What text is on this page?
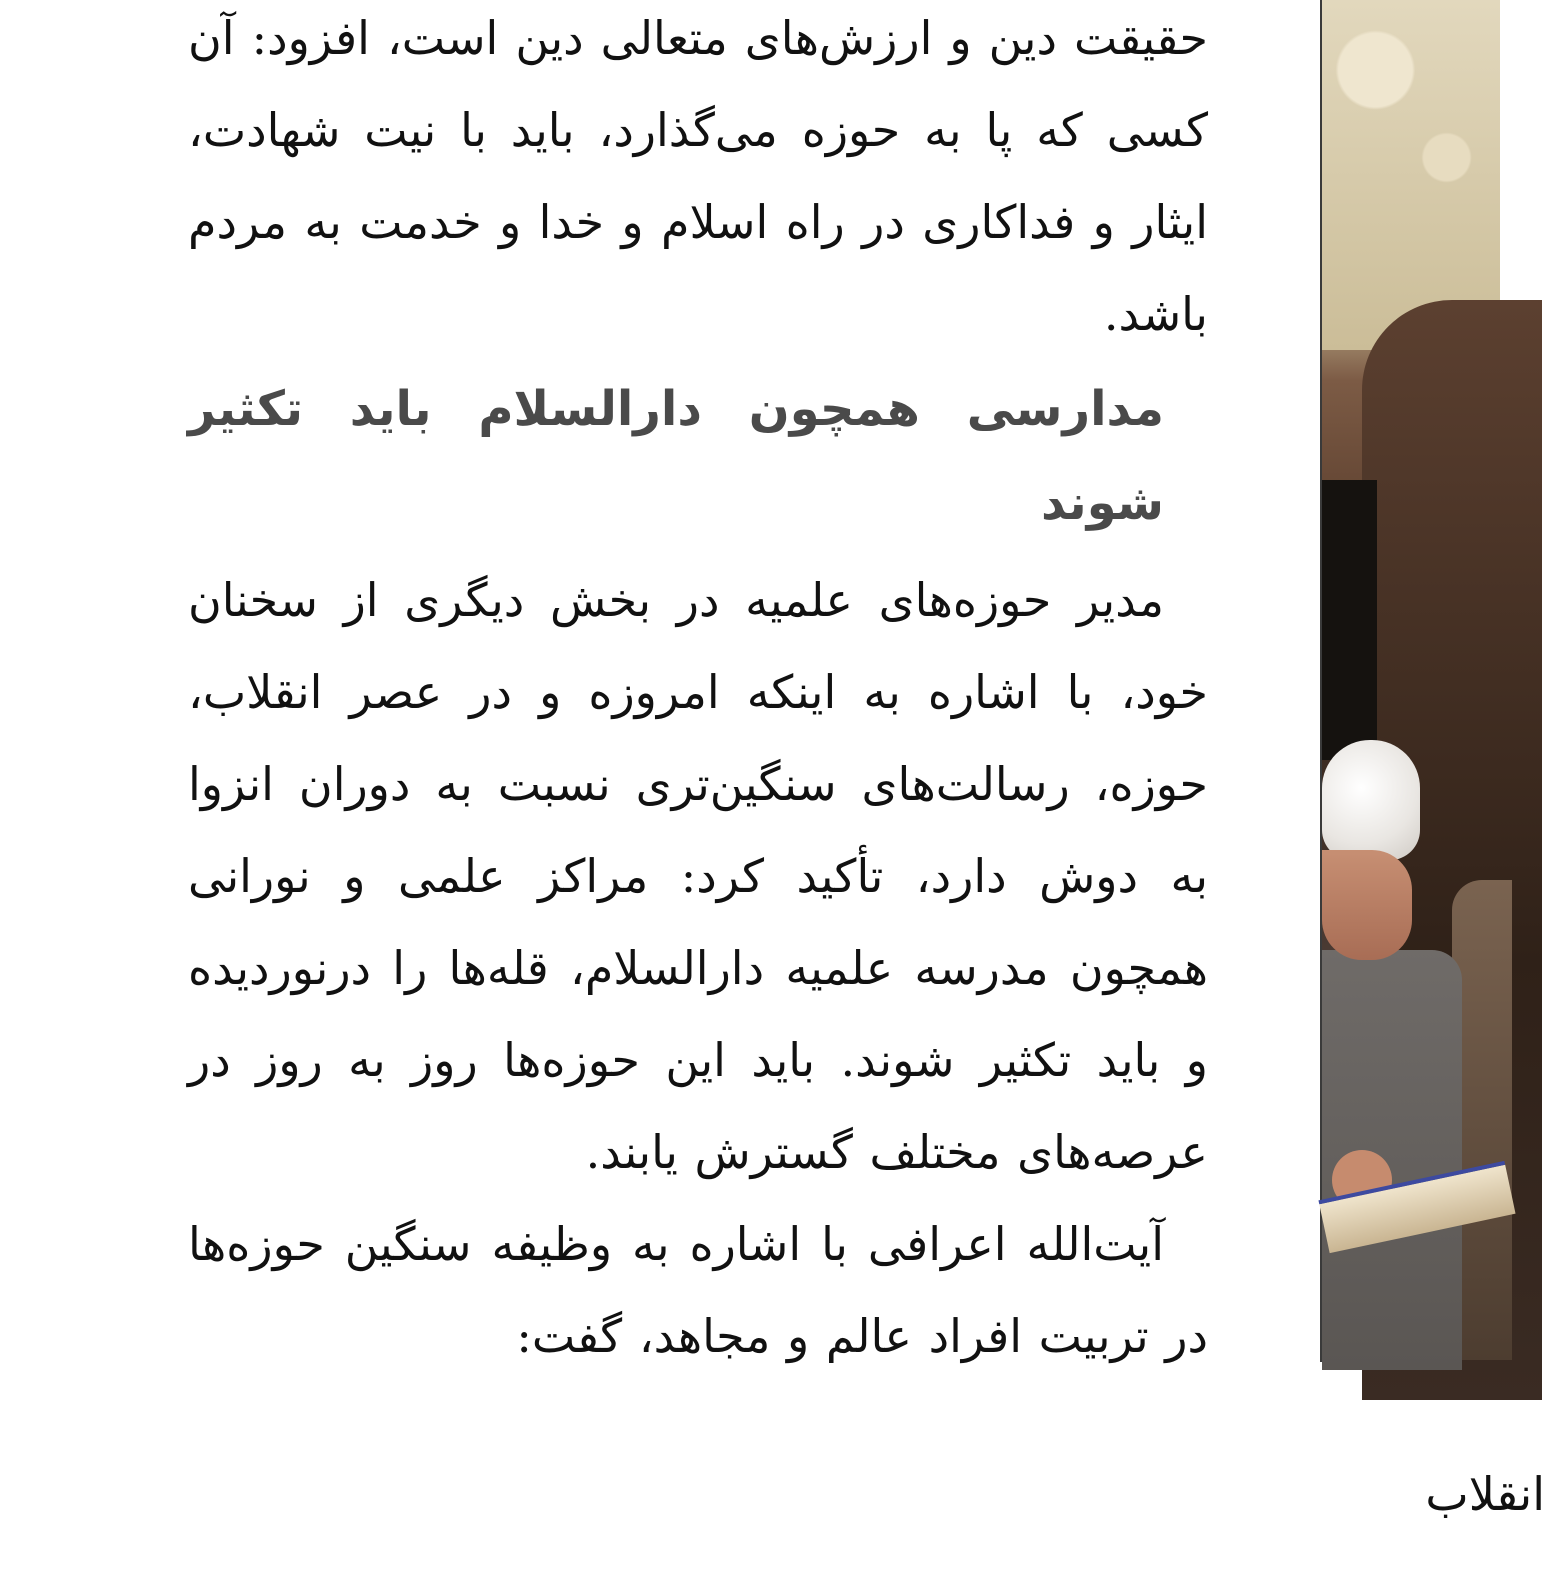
حقیقت دین و ارزش‌های متعالی دین است، افزود: آن کسی که پا به حوزه می‌گذارد، باید با نیت شهادت، ایثار و فداکاری در راه اسلام و خدا و خدمت به مردم باشد.

مدارسی همچون دارالسلام باید تکثیر شوند

مدیر حوزه‌های علمیه در بخش دیگری از سخنان خود، با اشاره به اینکه امروزه و در عصر انقلاب، حوزه، رسالت‌های سنگین‌تری نسبت به دوران انزوا به دوش دارد، تأکید کرد: مراکز علمی و نورانی همچون مدرسه علمیه دارالسلام، قله‌ها را درنوردیده و باید تکثیر شوند. باید این حوزه‌ها روز به روز در عرصه‌های مختلف گسترش یابند.

آیت‌الله اعرافی با اشاره به وظیفه سنگین حوزه‌ها در تربیت افراد عالم و مجاهد، گفت:

انقلاب
